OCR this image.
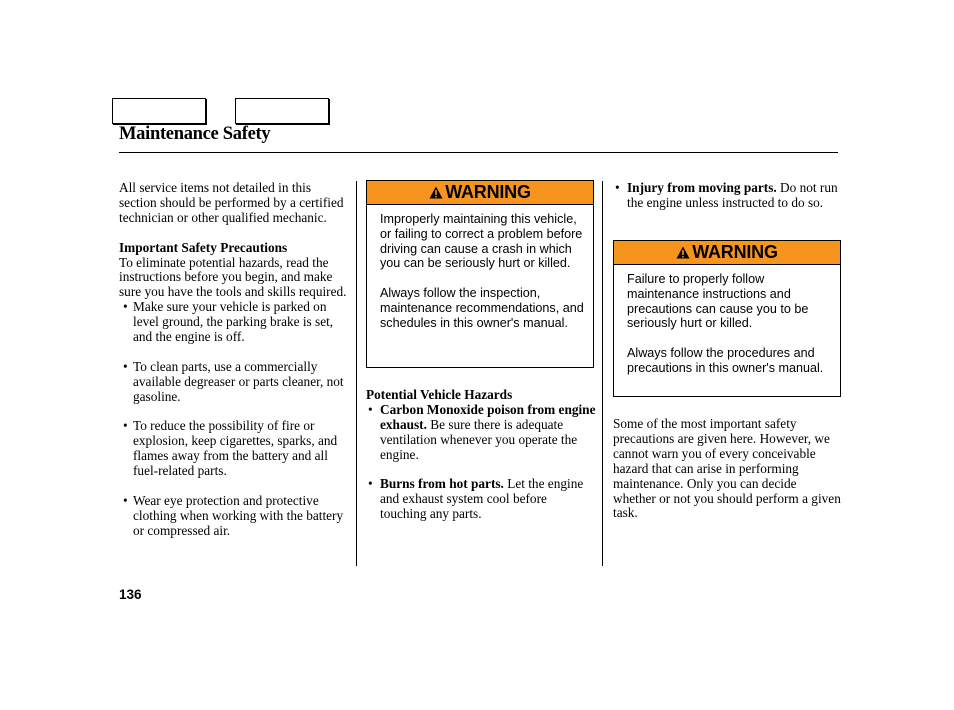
Maintenance Safety

All service items not detailed in this section should be performed by a certified technician or other qualified mechanic.

Important Safety Precautions

To eliminate potential hazards, read the instructions before you begin, and make sure you have the tools and skills required.

• Make sure your vehicle is parked on level ground, the parking brake is set, and the engine is off.
• To clean parts, use a commercially available degreaser or parts cleaner, not gasoline.
• To reduce the possibility of fire or explosion, keep cigarettes, sparks, and flames away from the battery and all fuel-related parts.
• Wear eye protection and protective clothing when working with the battery or compressed air.
WARNING

Improperly maintaining this vehicle, or failing to correct a problem before driving can cause a crash in which you can be seriously hurt or killed.

Always follow the inspection, maintenance recommendations, and schedules in this owner's manual.

Potential Vehicle Hazards

• Carbon Monoxide poison from engine exhaust. Be sure there is adequate ventilation whenever you operate the engine.
• Burns from hot parts. Let the engine and exhaust system cool before touching any parts.
• Injury from moving parts. Do not run the engine unless instructed to do so.
WARNING

Failure to properly follow maintenance instructions and precautions can cause you to be seriously hurt or killed.

Always follow the procedures and precautions in this owner's manual.

Some of the most important safety precautions are given here. However, we cannot warn you of every conceivable hazard that can arise in performing maintenance. Only you can decide whether or not you should perform a given task.

136
